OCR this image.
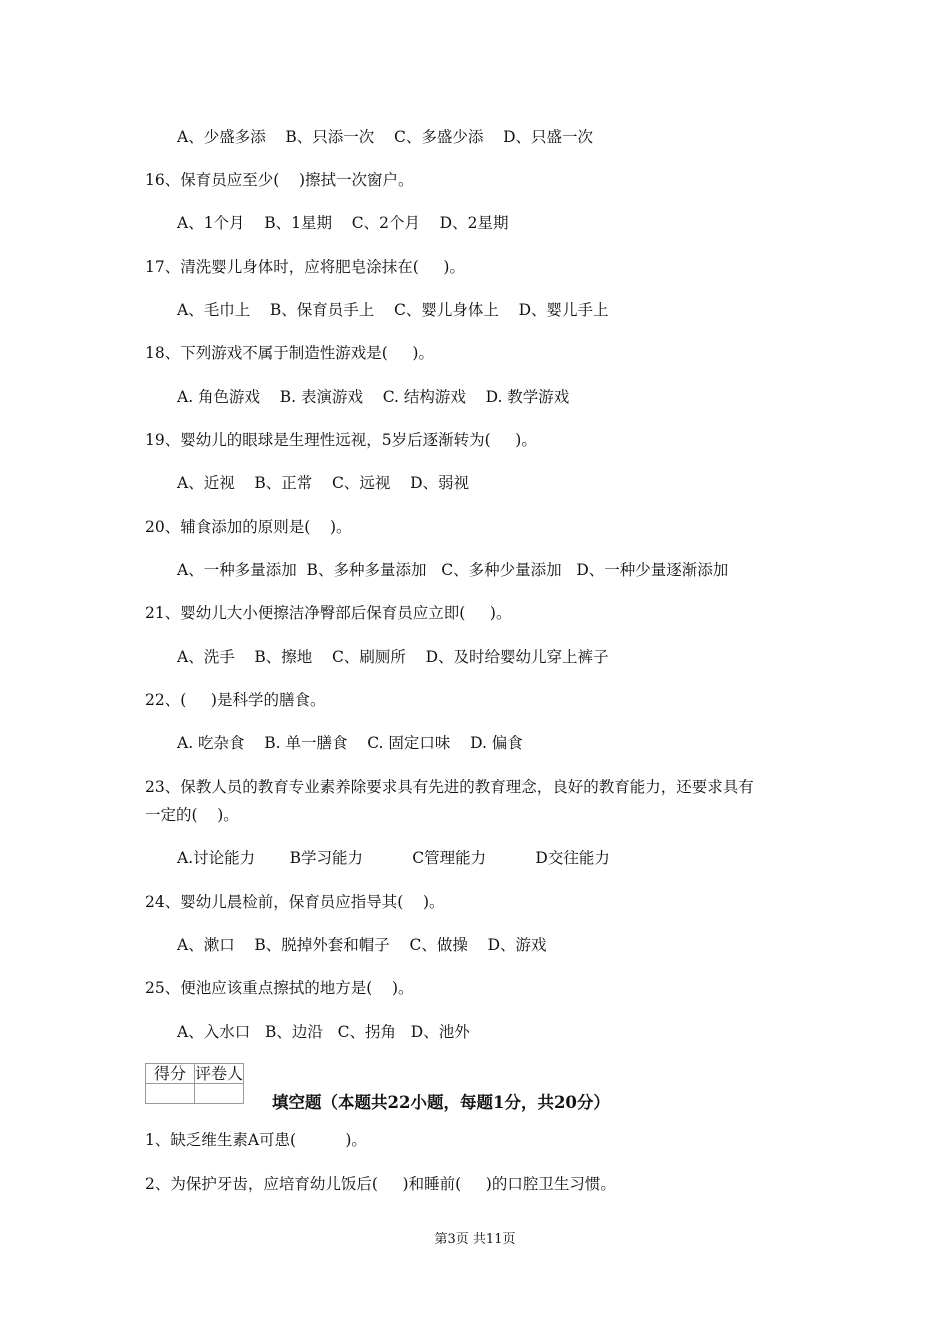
A、少盛多添    B、只添一次    C、多盛少添    D、只盛一次
16、保育员应至少(    )擦拭一次窗户。
A、1个月    B、1星期    C、2个月    D、2星期
17、清洗婴儿身体时，应将肥皂涂抹在(     )。
A、毛巾上    B、保育员手上    C、婴儿身体上    D、婴儿手上
18、下列游戏不属于制造性游戏是(     )。
A. 角色游戏    B. 表演游戏    C. 结构游戏    D. 教学游戏
19、婴幼儿的眼球是生理性远视，5岁后逐渐转为(     )。
A、近视    B、正常    C、远视    D、弱视
20、辅食添加的原则是(    )。
A、一种多量添加  B、多种多量添加   C、多种少量添加   D、一种少量逐渐添加
21、婴幼儿大小便擦洁净臀部后保育员应立即(     )。
A、洗手    B、擦地    C、刷厕所    D、及时给婴幼儿穿上裤子
22、(     )是科学的膳食。
A. 吃杂食    B. 单一膳食    C. 固定口味    D. 偏食
23、保教人员的教育专业素养除要求具有先进的教育理念，良好的教育能力，还要求具有
一定的(    )。
A.讨论能力       B学习能力          C管理能力          D交往能力
24、婴幼儿晨检前，保育员应指导其(    )。
A、漱口    B、脱掉外套和帽子    C、做操    D、游戏
25、便池应该重点擦拭的地方是(    )。
A、入水口   B、边沿   C、拐角   D、池外
1、缺乏维生素A可患(          )。
2、为保护牙齿，应培育幼儿饭后(     )和睡前(     )的口腔卫生习惯。
得分	评卷人

填空题（本题共22小题，每题1分，共20分）
第3页 共11页
